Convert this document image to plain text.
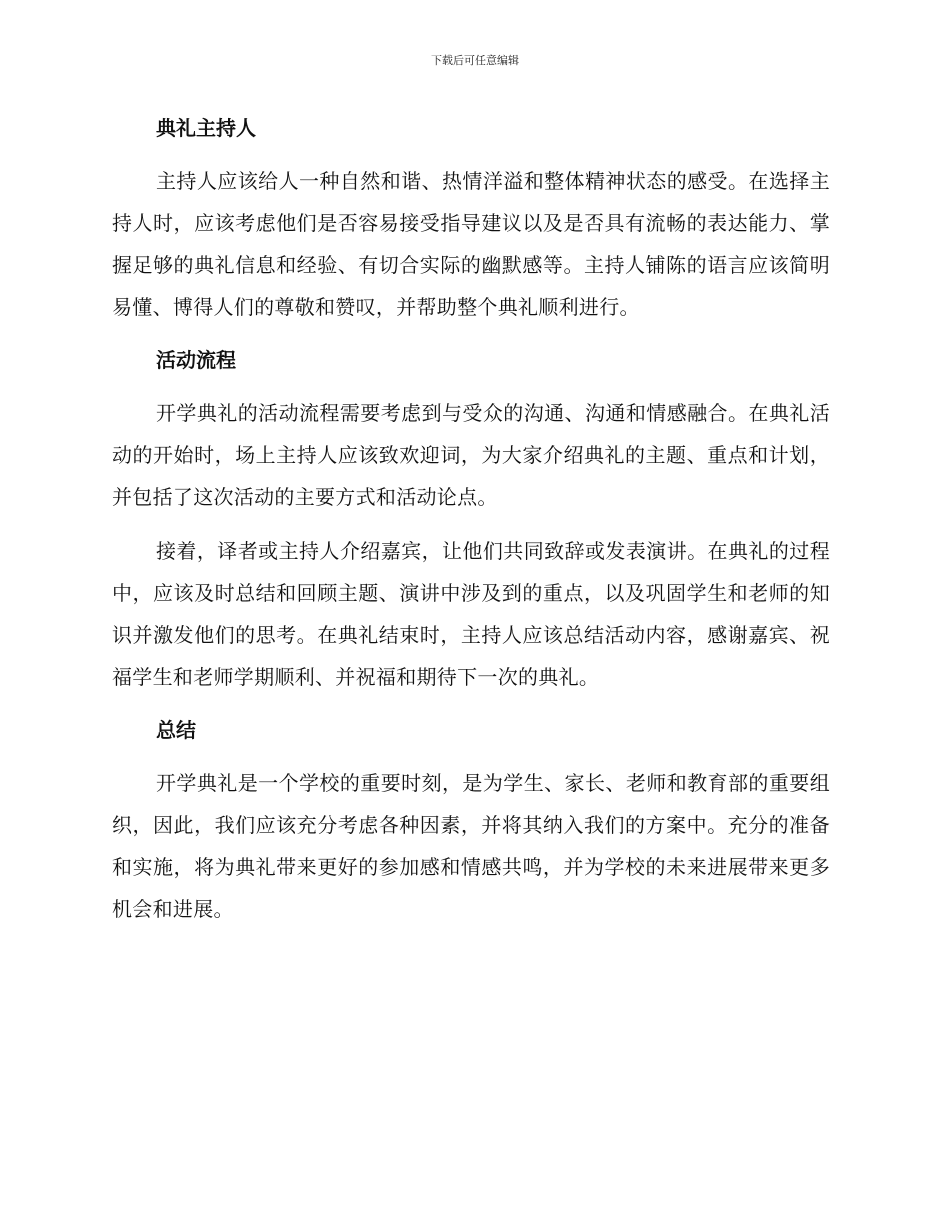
下载后可任意编辑
典礼主持人

主持人应该给人一种自然和谐、热情洋溢和整体精神状态的感受。在选择主持人时，应该考虑他们是否容易接受指导建议以及是否具有流畅的表达能力、掌握足够的典礼信息和经验、有切合实际的幽默感等。主持人铺陈的语言应该简明易懂、博得人们的尊敬和赞叹，并帮助整个典礼顺利进行。

活动流程

开学典礼的活动流程需要考虑到与受众的沟通、沟通和情感融合。在典礼活动的开始时，场上主持人应该致欢迎词，为大家介绍典礼的主题、重点和计划，并包括了这次活动的主要方式和活动论点。

接着，译者或主持人介绍嘉宾，让他们共同致辞或发表演讲。在典礼的过程中，应该及时总结和回顾主题、演讲中涉及到的重点，以及巩固学生和老师的知识并激发他们的思考。在典礼结束时，主持人应该总结活动内容，感谢嘉宾、祝福学生和老师学期顺利、并祝福和期待下一次的典礼。

总结

开学典礼是一个学校的重要时刻，是为学生、家长、老师和教育部的重要组织，因此，我们应该充分考虑各种因素，并将其纳入我们的方案中。充分的准备和实施，将为典礼带来更好的参加感和情感共鸣，并为学校的未来进展带来更多机会和进展。
